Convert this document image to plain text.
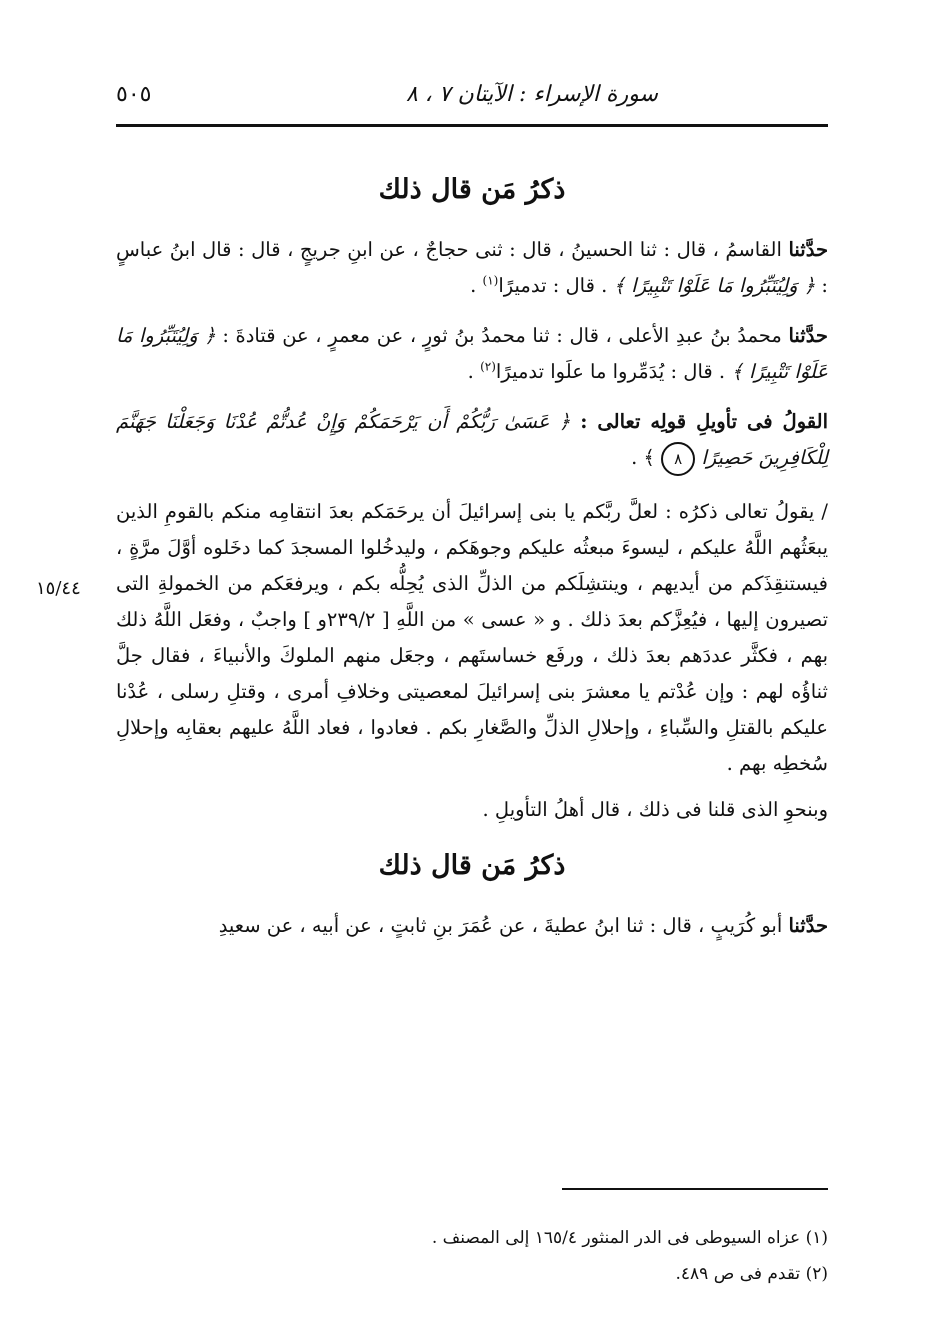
سورة الإسراء : الآيتان ٧ ، ٨
٥٠٥
١٥/٤٤
ذكرُ مَن قال ذلك

حدَّثنا القاسمُ ، قال : ثنا الحسينُ ، قال : ثنى حجاجٌ ، عن ابنِ جريجٍ ، قال : قال ابنُ عباسٍ : ﴿ وَلِيُتَبِّرُوا مَا عَلَوْا تَتْبِيرًا ﴾ . قال : تدميرًا$^{(١)}$ .

حدَّثنا محمدُ بنُ عبدِ الأعلى ، قال : ثنا محمدُ بنُ ثورٍ ، عن معمرٍ ، عن قتادةَ : ﴿ وَلِيُتَبِّرُوا مَا عَلَوْا تَتْبِيرًا ﴾ . قال : يُدَمِّروا ما علَوا تدميرًا$^{(٢)}$ .

القولُ فى تأويلِ قولِه تعالى : ﴿ عَسَىٰ رَبُّكُمْ أَن يَرْحَمَكُمْ وَإِنْ عُدتُّمْ عُدْنَا وَجَعَلْنَا جَهَنَّمَ لِلْكَافِرِينَ حَصِيرًا ٨ ﴾ .

/ يقولُ تعالى ذكرُه : لعلَّ ربَّكم يا بنى إسرائيلَ أن يرحَمَكم بعدَ انتقامِه منكم بالقومِ الذين يبعَثُهم اللَّهُ عليكم ، ليسوءَ مبعثُه عليكم وجوهَكم ، وليدخُلوا المسجدَ كما دخَلوه أوَّلَ مرَّةٍ ، فيستنقِذَكم من أيديهم ، وينتشِلَكم من الذلِّ الذى يُحِلُّه بكم ، ويرفعَكم من الخمولةِ التى تصيرون إليها ، فيُعِزَّكم بعدَ ذلك . و « عسى » من اللَّهِ [ ٢٣٩/٢و ] واجبٌ ، وفعَل اللَّهُ ذلك بهم ، فكثَّر عددَهم بعدَ ذلك ، ورفَع خساستَهم ، وجعَل منهم الملوكَ والأنبياءَ ، فقال جلَّ ثناؤُه لهم : وإن عُدْتم يا معشرَ بنى إسرائيلَ لمعصيتى وخلافِ أمرى ، وقتلِ رسلى ، عُدْنا عليكم بالقتلِ والسِّباءِ ، وإحلالِ الذلِّ والصَّغارِ بكم . فعادوا ، فعاد اللَّهُ عليهم بعقابِه وإحلالِ سُخطِه بهم .

وبنحوِ الذى قلنا فى ذلك ، قال أهلُ التأويلِ .

ذكرُ مَن قال ذلك

حدَّثنا أبو كُرَيبٍ ، قال : ثنا ابنُ عطيةَ ، عن عُمَرَ بنِ ثابتٍ ، عن أبيه ، عن سعيدِ

(١) عزاه السيوطى فى الدر المنثور ١٦٥/٤ إلى المصنف .

(٢) تقدم فى ص ٤٨٩.
